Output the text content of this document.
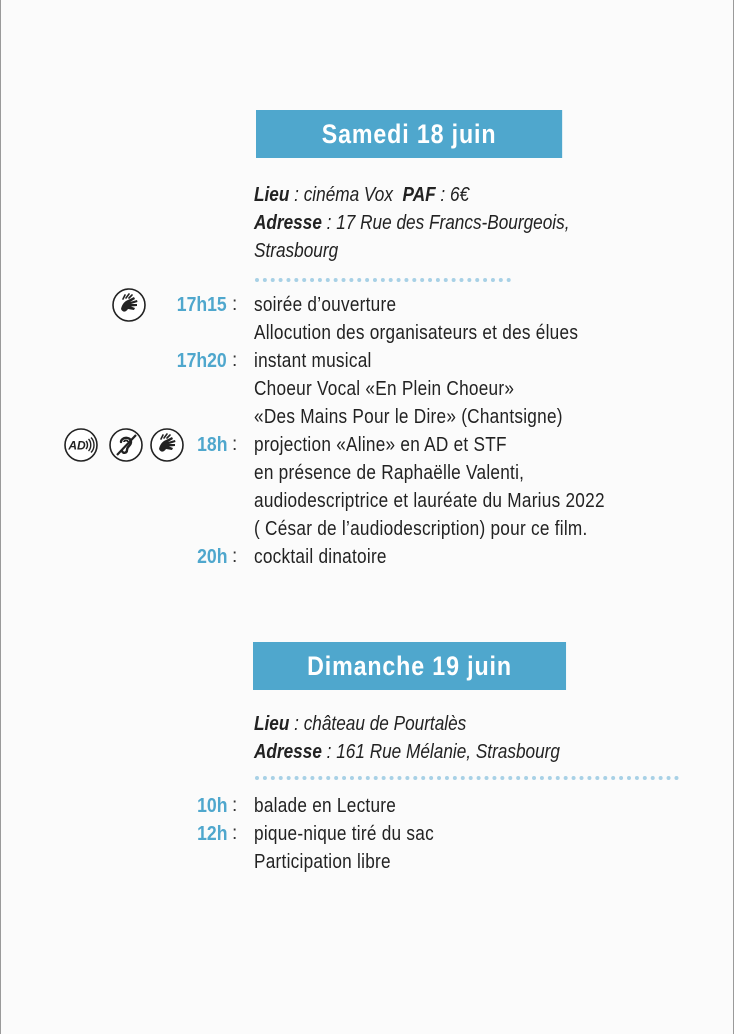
Samedi 18 juin
Lieu : cinéma Vox PAF : 6€
Adresse : 17 Rue des Francs-Bourgeois,
Strasbourg
17h15 : soirée d’ouverture
Allocution des organisateurs et des élues
17h20 : instant musical
Choeur Vocal «En Plein Choeur»
«Des Mains Pour le Dire» (Chantsigne)
18h : projection «Aline» en AD et STF
en présence de Raphaëlle Valenti,
audiodescriptrice et lauréate du Marius 2022
( César de l’audiodescription) pour ce film.
20h : cocktail dinatoire
Dimanche 19 juin
Lieu : château de Pourtalès
Adresse : 161 Rue Mélanie, Strasbourg
10h : balade en Lecture
12h : pique-nique tiré du sac
Participation libre
AD
